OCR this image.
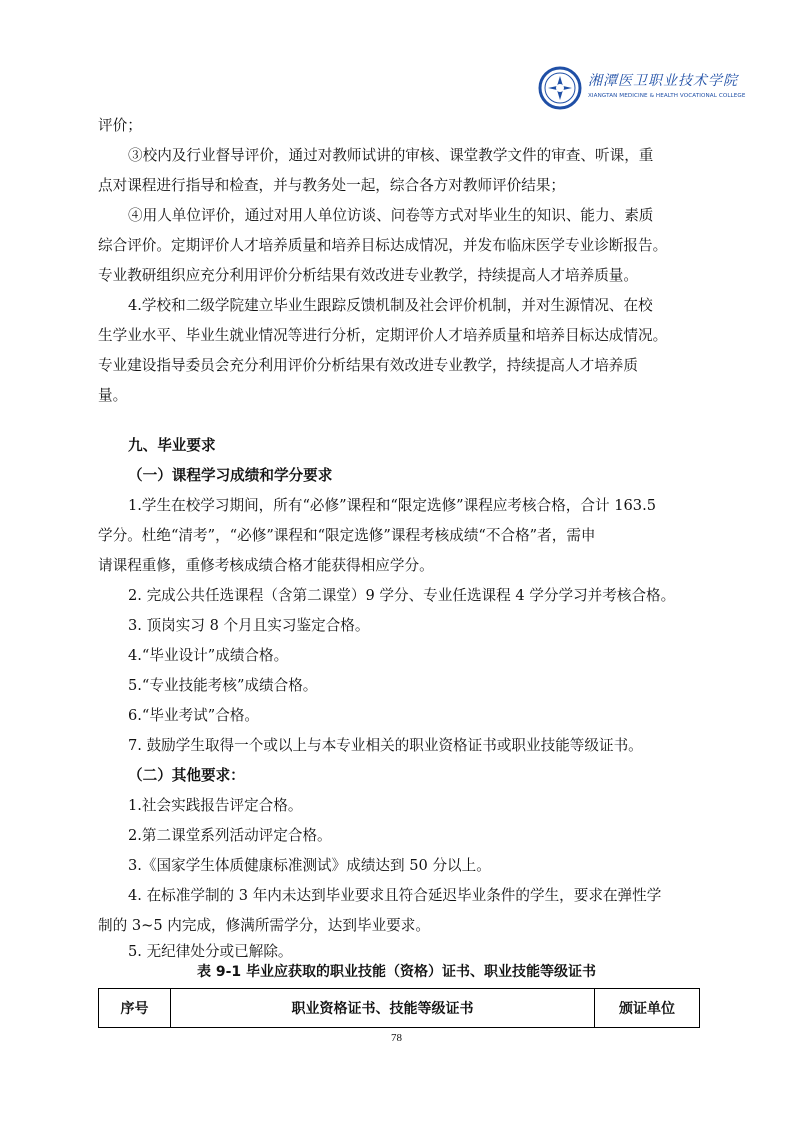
湘潭医卫职业技术学院
XIANGTAN MEDICINE & HEALTH VOCATIONAL COLLEGE
评价；
③校内及行业督导评价，通过对教师试讲的审核、课堂教学文件的审查、听课，重
点对课程进行指导和检查，并与教务处一起，综合各方对教师评价结果；
④用人单位评价，通过对用人单位访谈、问卷等方式对毕业生的知识、能力、素质
综合评价。定期评价人才培养质量和培养目标达成情况，并发布临床医学专业诊断报告。
专业教研组织应充分利用评价分析结果有效改进专业教学，持续提高人才培养质量。
4.学校和二级学院建立毕业生跟踪反馈机制及社会评价机制，并对生源情况、在校
生学业水平、毕业生就业情况等进行分析，定期评价人才培养质量和培养目标达成情况。
专业建设指导委员会充分利用评价分析结果有效改进专业教学，持续提高人才培养质
量。
九、毕业要求
（一）课程学习成绩和学分要求
1.学生在校学习期间，所有“必修”课程和“限定选修”课程应考核合格，合计 163.5
学分。杜绝“清考”，“必修”课程和“限定选修”课程考核成绩“不合格”者，需申
请课程重修，重修考核成绩合格才能获得相应学分。
2. 完成公共任选课程（含第二课堂）9 学分、专业任选课程 4 学分学习并考核合格。
3. 顶岗实习 8 个月且实习鉴定合格。
4.“毕业设计”成绩合格。
5.“专业技能考核”成绩合格。
6.“毕业考试”合格。
7. 鼓励学生取得一个或以上与本专业相关的职业资格证书或职业技能等级证书。
（二）其他要求：
1.社会实践报告评定合格。
2.第二课堂系列活动评定合格。
3.《国家学生体质健康标准测试》成绩达到 50 分以上。
4. 在标准学制的 3 年内未达到毕业要求且符合延迟毕业条件的学生，要求在弹性学
制的 3~5 内完成，修满所需学分，达到毕业要求。
5. 无纪律处分或已解除。
表 9-1 毕业应获取的职业技能（资格）证书、职业技能等级证书
序号	职业资格证书、技能等级证书	颁证单位
78
